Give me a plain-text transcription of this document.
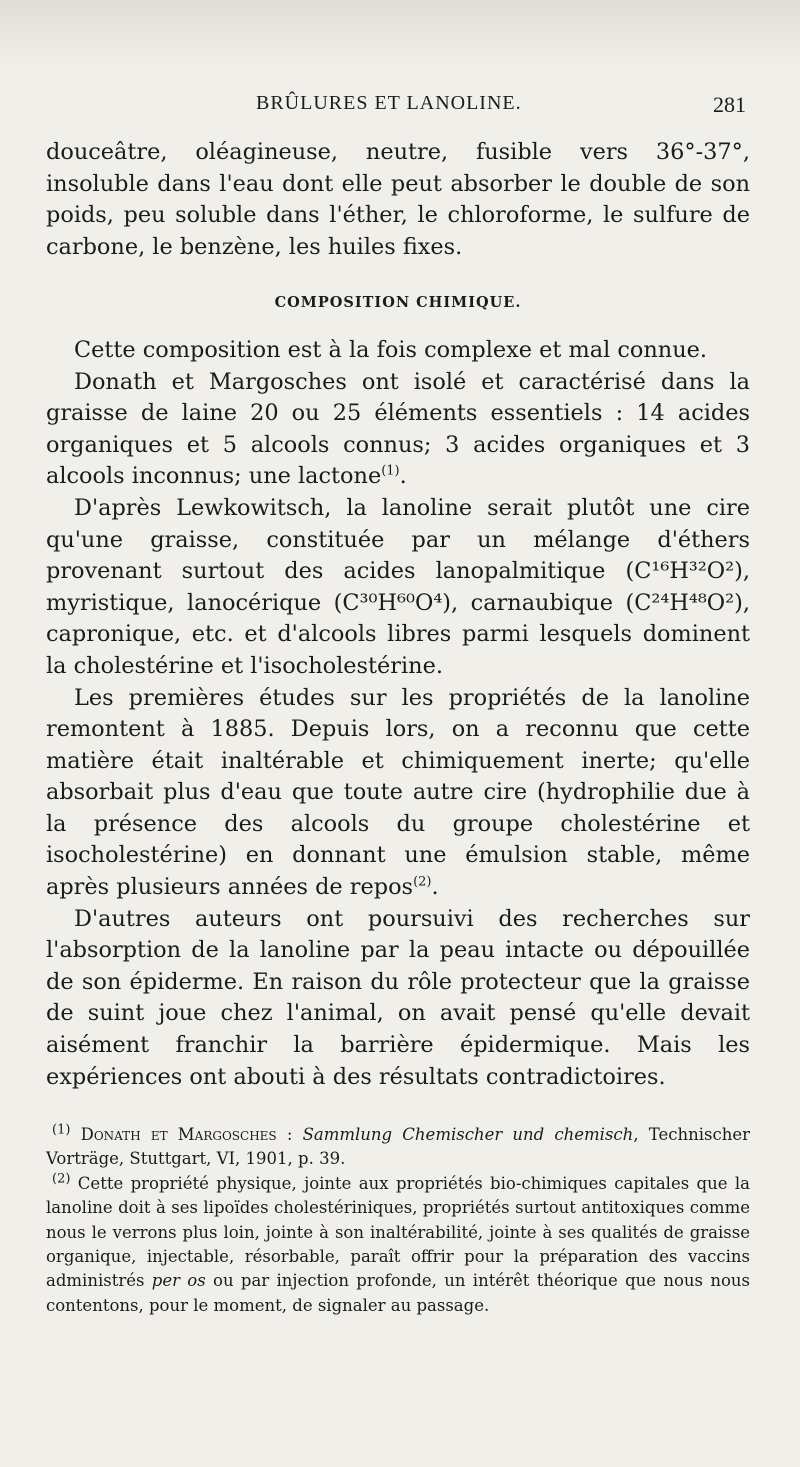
BRÛLURES ET LANOLINE.	281

douceâtre, oléagineuse, neutre, fusible vers 36°-37°, insoluble dans l'eau dont elle peut absorber le double de son poids, peu soluble dans l'éther, le chloroforme, le sulfure de carbone, le benzène, les huiles fixes.

COMPOSITION CHIMIQUE.

Cette composition est à la fois complexe et mal connue.

Donath et Margosches ont isolé et caractérisé dans la graisse de laine 20 ou 25 éléments essentiels : 14 acides organiques et 5 alcools connus; 3 acides organiques et 3 alcools inconnus; une lactone$^{(1)}$.

D'après Lewkowitsch, la lanoline serait plutôt une cire qu'une graisse, constituée par un mélange d'éthers provenant surtout des acides lanopalmitique (C¹⁶H³²O²), myristique, lanocérique (C³⁰H⁶⁰O⁴), carnaubique (C²⁴H⁴⁸O²), capronique, etc. et d'alcools libres parmi lesquels dominent la cholestérine et l'isocholestérine.

Les premières études sur les propriétés de la lanoline remontent à 1885. Depuis lors, on a reconnu que cette matière était inaltérable et chimiquement inerte; qu'elle absorbait plus d'eau que toute autre cire (hydrophilie due à la présence des alcools du groupe cholestérine et isocholestérine) en donnant une émulsion stable, même après plusieurs années de repos$^{(2)}$.

D'autres auteurs ont poursuivi des recherches sur l'absorption de la lanoline par la peau intacte ou dépouillée de son épiderme. En raison du rôle protecteur que la graisse de suint joue chez l'animal, on avait pensé qu'elle devait aisément franchir la barrière épidermique. Mais les expériences ont abouti à des résultats contradictoires.

$^{(1)}$ Donath et Margosches : Sammlung Chemischer und chemisch, Technischer Vorträge, Stuttgart, VI, 1901, p. 39.

$^{(2)}$ Cette propriété physique, jointe aux propriétés bio-chimiques capitales que la lanoline doit à ses lipoïdes cholestériniques, propriétés surtout antitoxiques comme nous le verrons plus loin, jointe à son inaltérabilité, jointe à ses qualités de graisse organique, injectable, résorbable, paraît offrir pour la préparation des vaccins administrés per os ou par injection profonde, un intérêt théorique que nous nous contentons, pour le moment, de signaler au passage.
